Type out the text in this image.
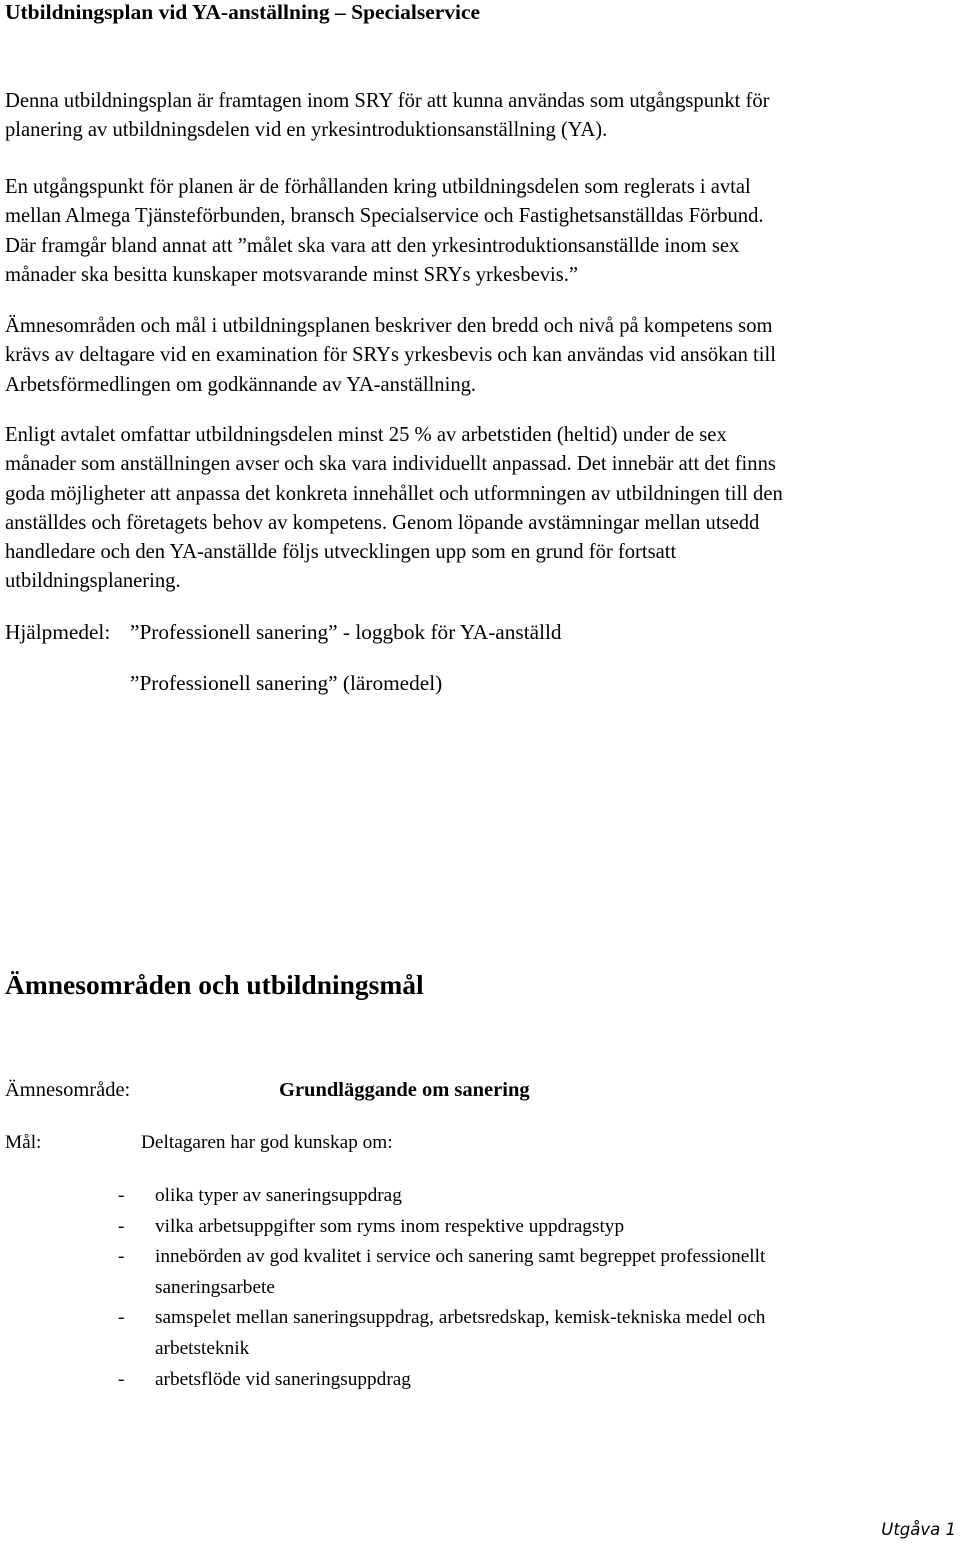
Utbildningsplan vid YA-anställning – Specialservice
Denna utbildningsplan är framtagen inom SRY för att kunna användas som utgångspunkt för
planering av utbildningsdelen vid en yrkesintroduktionsanställning (YA).
En utgångspunkt för planen är de förhållanden kring utbildningsdelen som reglerats i avtal
mellan Almega Tjänsteförbunden, bransch Specialservice och Fastighetsanställdas Förbund.
Där framgår bland annat att ”målet ska vara att den yrkesintroduktionsanställde inom sex
månader ska besitta kunskaper motsvarande minst SRYs yrkesbevis.”
Ämnesområden och mål i utbildningsplanen beskriver den bredd och nivå på kompetens som
krävs av deltagare vid en examination för SRYs yrkesbevis och kan användas vid ansökan till
Arbetsförmedlingen om godkännande av YA-anställning.
Enligt avtalet omfattar utbildningsdelen minst 25 % av arbetstiden (heltid) under de sex
månader som anställningen avser och ska vara individuellt anpassad. Det innebär att det finns
goda möjligheter att anpassa det konkreta innehållet och utformningen av utbildningen till den
anställdes och företagets behov av kompetens. Genom löpande avstämningar mellan utsedd
handledare och den YA-anställde följs utvecklingen upp som en grund för fortsatt
utbildningsplanering.
Hjälpmedel: ”Professionell sanering” - loggbok för YA-anställd
”Professionell sanering” (läromedel)
Ämnesområden och utbildningsmål
Ämnesområde:	Grundläggande om sanering
Mål:	Deltagaren har god kunskap om:
- olika typer av saneringsuppdrag
- vilka arbetsuppgifter som ryms inom respektive uppdragstyp
- innebörden av god kvalitet i service och sanering samt begreppet professionellt
saneringsarbete
- samspelet mellan saneringsuppdrag, arbetsredskap, kemisk-tekniska medel och
arbetsteknik
- arbetsflöde vid saneringsuppdrag
Utgåva 1
